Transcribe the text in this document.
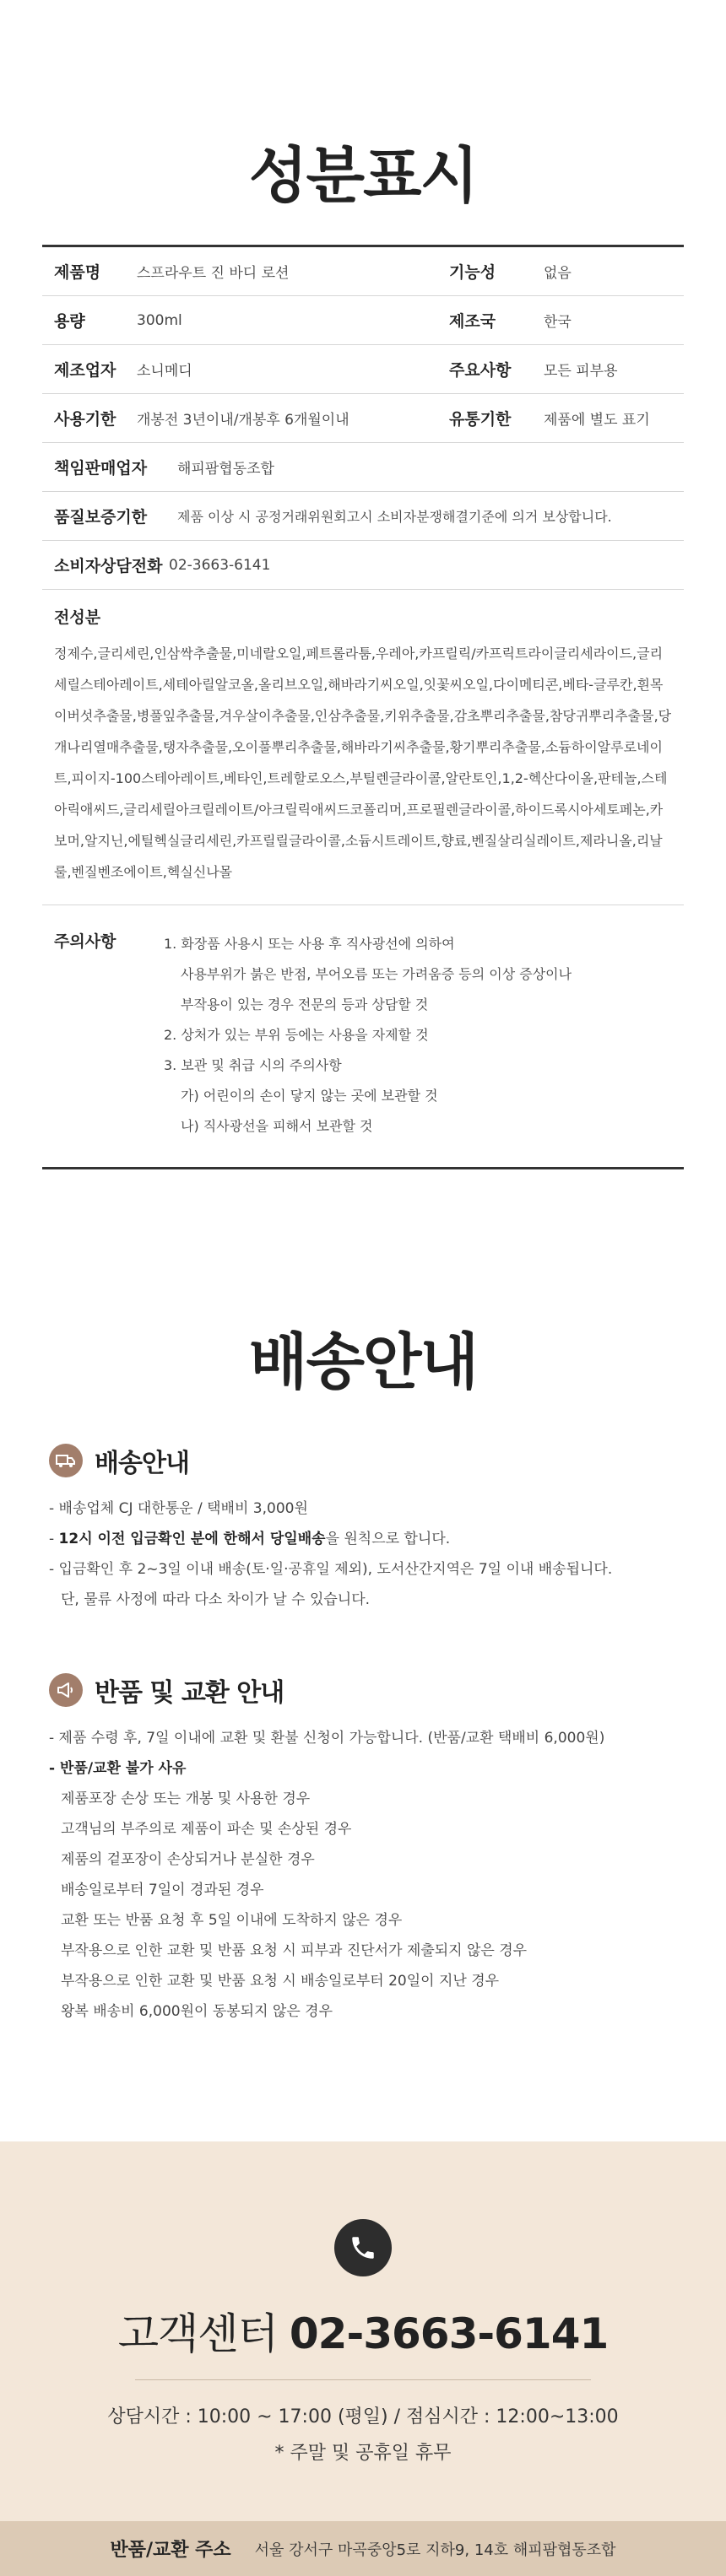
성분표시
제품명	스프라우트 진 바디 로션	기능성	없음
용량	300ml	제조국	한국
제조업자	소니메디	주요사항	모든 피부용
사용기한	개봉전 3년이내/개봉후 6개월이내	유통기한	제품에 별도 표기
책임판매업자	해피팜협동조합
품질보증기한	제품 이상 시 공정거래위원회고시 소비자분쟁해결기준에 의거 보상합니다.
소비자상담전화 02-3663-6141
전성분
정제수,글리세린,인삼싹추출물,미네랄오일,페트롤라툼,우레아,카프릴릭/카프릭트라이글리세라이드,글리세릴스테아레이트,세테아릴알코올,올리브오일,해바라기씨오일,잇꽃씨오일,다이메티콘,베타-글루칸,흰목이버섯추출물,병풀잎추출물,겨우살이추출물,인삼추출물,키위추출물,감초뿌리추출물,참당귀뿌리추출물,당개나리열매추출물,탱자추출물,오이풀뿌리추출물,해바라기씨추출물,황기뿌리추출물,소듐하이알루로네이트,피이지-100스테아레이트,베타인,트레할로오스,부틸렌글라이콜,알란토인,1,2-헥산다이올,판테놀,스테아릭애씨드,글리세릴아크릴레이트/아크릴릭애씨드코폴리머,프로필렌글라이콜,하이드록시아세토페논,카보머,알지닌,에틸헥실글리세린,카프릴릴글라이콜,소듐시트레이트,향료,벤질살리실레이트,제라니올,리날룰,벤질벤조에이트,헥실신나몰
주의사항	1. 화장품 사용시 또는 사용 후 직사광선에 의하여
사용부위가 붉은 반점, 부어오름 또는 가려움증 등의 이상 증상이나
부작용이 있는 경우 전문의 등과 상담할 것
2. 상처가 있는 부위 등에는 사용을 자제할 것
3. 보관 및 취급 시의 주의사항
가) 어린이의 손이 닿지 않는 곳에 보관할 것
나) 직사광선을 피해서 보관할 것
배송안내
배송안내
- 배송업체 CJ 대한통운 / 택배비 3,000원
- 12시 이전 입금확인 분에 한해서 당일배송을 원칙으로 합니다.
- 입금확인 후 2~3일 이내 배송(토·일·공휴일 제외), 도서산간지역은 7일 이내 배송됩니다.
단, 물류 사정에 따라 다소 차이가 날 수 있습니다.
반품 및 교환 안내
- 제품 수령 후, 7일 이내에 교환 및 환불 신청이 가능합니다. (반품/교환 택배비 6,000원)
- 반품/교환 불가 사유
제품포장 손상 또는 개봉 및 사용한 경우
고객님의 부주의로 제품이 파손 및 손상된 경우
제품의 겉포장이 손상되거나 분실한 경우
배송일로부터 7일이 경과된 경우
교환 또는 반품 요청 후 5일 이내에 도착하지 않은 경우
부작용으로 인한 교환 및 반품 요청 시 피부과 진단서가 제출되지 않은 경우
부작용으로 인한 교환 및 반품 요청 시 배송일로부터 20일이 지난 경우
왕복 배송비 6,000원이 동봉되지 않은 경우
고객센터 02-3663-6141
상담시간 : 10:00 ~ 17:00 (평일) / 점심시간 : 12:00~13:00
* 주말 및 공휴일 휴무
반품/교환 주소 서울 강서구 마곡중앙5로 지하9, 14호 해피팜협동조합
